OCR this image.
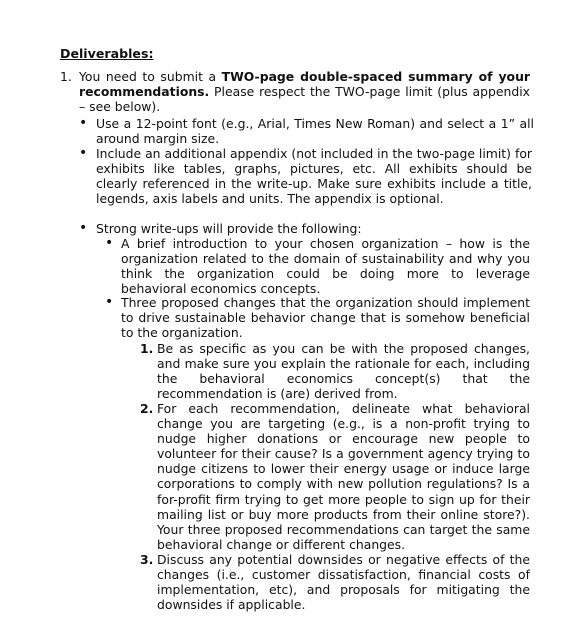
Deliverables:
1. You need to submit a TWO-page double-spaced summary of your recommendations. Please respect the TWO-page limit (plus appendix – see below).
• Use a 12-point font (e.g., Arial, Times New Roman) and select a 1” all around margin size.
• Include an additional appendix (not included in the two-page limit) for exhibits like tables, graphs, pictures, etc. All exhibits should be clearly referenced in the write-up. Make sure exhibits include a title, legends, axis labels and units. The appendix is optional.
• Strong write-ups will provide the following:
• A brief introduction to your chosen organization – how is the organization related to the domain of sustainability and why you think the organization could be doing more to leverage behavioral economics concepts.
• Three proposed changes that the organization should implement to drive sustainable behavior change that is somehow beneficial to the organization.
1. Be as specific as you can be with the proposed changes, and make sure you explain the rationale for each, including the behavioral economics concept(s) that the recommendation is (are) derived from.
2. For each recommendation, delineate what behavioral change you are targeting (e.g., is a non-profit trying to nudge higher donations or encourage new people to volunteer for their cause? Is a government agency trying to nudge citizens to lower their energy usage or induce large corporations to comply with new pollution regulations? Is a for-profit firm trying to get more people to sign up for their mailing list or buy more products from their online store?). Your three proposed recommendations can target the same behavioral change or different changes.
3. Discuss any potential downsides or negative effects of the changes (i.e., customer dissatisfaction, financial costs of implementation, etc), and proposals for mitigating the downsides if applicable.
